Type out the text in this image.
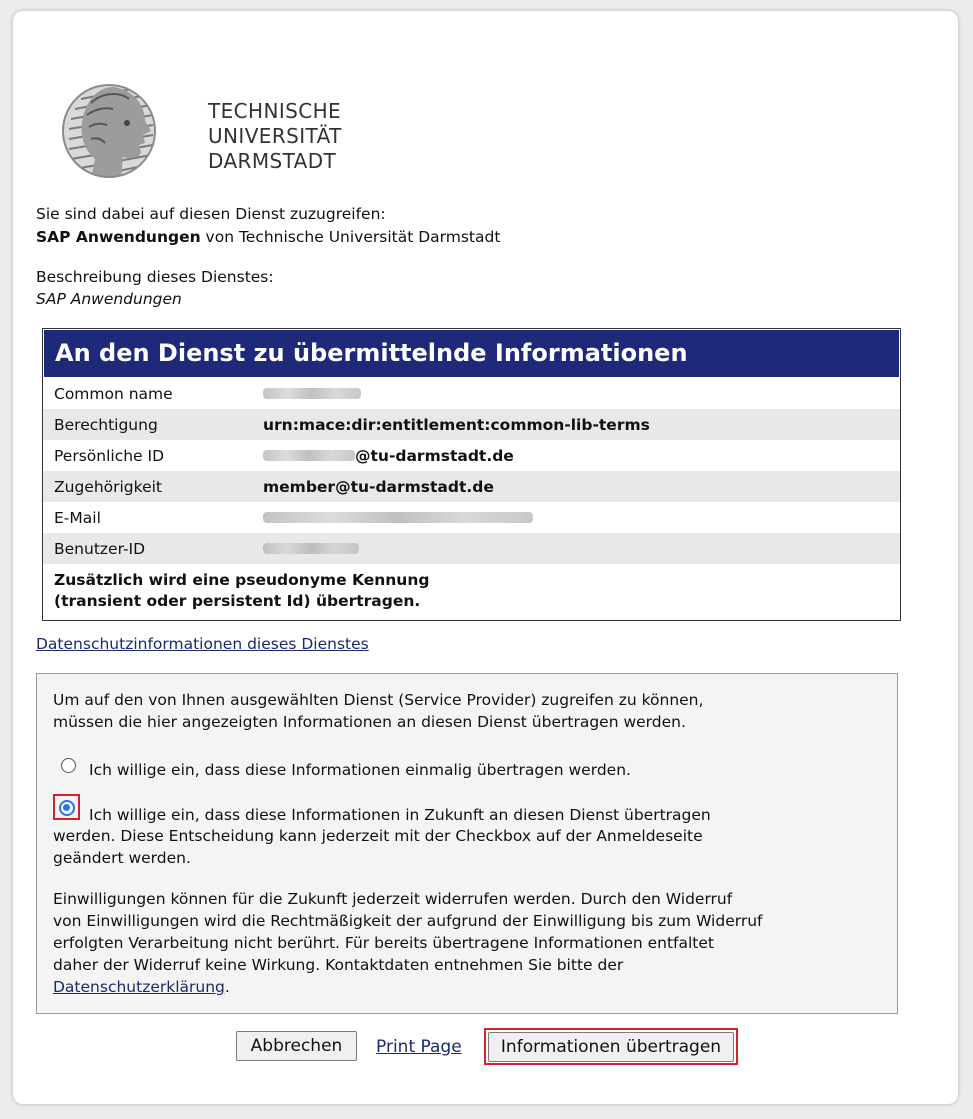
TECHNISCHE
UNIVERSITÄT
DARMSTADT
Sie sind dabei auf diesen Dienst zuzugreifen:
SAP Anwendungen von Technische Universität Darmstadt
Beschreibung dieses Dienstes:
SAP Anwendungen
An den Dienst zu übermittelnde Informationen
Common name
Berechtigung	urn:mace:dir:entitlement:common-lib-terms
Persönliche ID	@tu-darmstadt.de
Zugehörigkeit	member@tu-darmstadt.de
E-Mail
Benutzer-ID
Zusätzlich wird eine pseudonyme Kennung
(transient oder persistent Id) übertragen.
Datenschutzinformationen dieses Dienstes
Um auf den von Ihnen ausgewählten Dienst (Service Provider) zugreifen zu können,
müssen die hier angezeigten Informationen an diesen Dienst übertragen werden.
Ich willige ein, dass diese Informationen einmalig übertragen werden.
Ich willige ein, dass diese Informationen in Zukunft an diesen Dienst übertragen
werden. Diese Entscheidung kann jederzeit mit der Checkbox auf der Anmeldeseite
geändert werden.
Einwilligungen können für die Zukunft jederzeit widerrufen werden. Durch den Widerruf
von Einwilligungen wird die Rechtmäßigkeit der aufgrund der Einwilligung bis zum Widerruf
erfolgten Verarbeitung nicht berührt. Für bereits übertragene Informationen entfaltet
daher der Widerruf keine Wirkung. Kontaktdaten entnehmen Sie bitte der
Datenschutzerklärung.
Abbrechen	Print Page	Informationen übertragen
